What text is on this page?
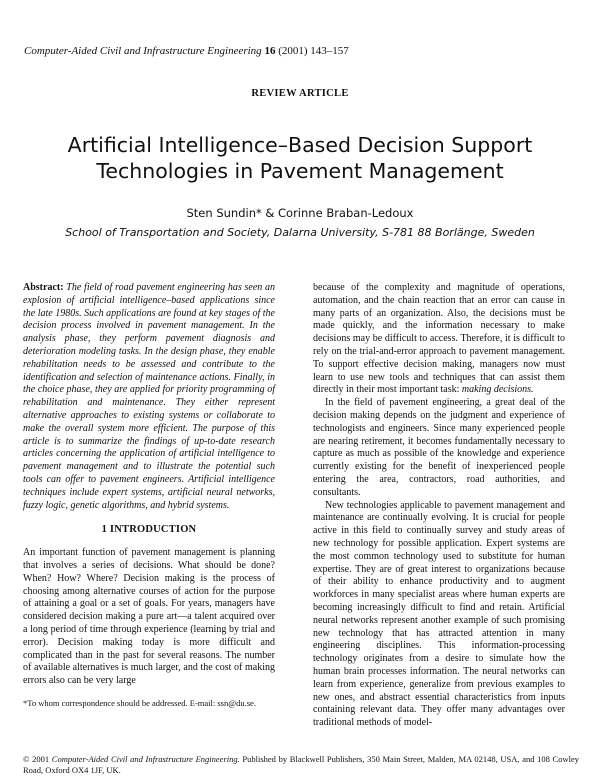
Computer-Aided Civil and Infrastructure Engineering 16 (2001) 143–157
REVIEW ARTICLE
Artificial Intelligence–Based Decision Support
Technologies in Pavement Management
Sten Sundin* & Corinne Braban-Ledoux
School of Transportation and Society, Dalarna University, S-781 88 Borlänge, Sweden

Abstract: The field of road pavement engineering has seen an explosion of artificial intelligence–based applications since the late 1980s. Such applications are found at key stages of the decision process involved in pavement management. In the analysis phase, they perform pavement diagnosis and deterioration modeling tasks. In the design phase, they enable rehabilitation needs to be assessed and contribute to the identification and selection of maintenance actions. Finally, in the choice phase, they are applied for priority programming of rehabilitation and maintenance. They either represent alternative approaches to existing systems or collaborate to make the overall system more efficient. The purpose of this article is to summarize the findings of up-to-date research articles concerning the application of artificial intelligence to pavement management and to illustrate the potential such tools can offer to pavement engineers. Artificial intelligence techniques include expert systems, artificial neural networks, fuzzy logic, genetic algorithms, and hybrid systems.

1 INTRODUCTION

An important function of pavement management is planning that involves a series of decisions. What should be done? When? How? Where? Decision making is the process of choosing among alternative courses of action for the purpose of attaining a goal or a set of goals. For years, managers have considered decision making a pure art—a talent acquired over a long period of time through experience (learning by trial and error). Decision making today is more difficult and complicated than in the past for several reasons. The number of available alternatives is much larger, and the cost of making errors also can be very large

*To whom correspondence should be addressed. E-mail: ssn@du.se.

because of the complexity and magnitude of operations, automation, and the chain reaction that an error can cause in many parts of an organization. Also, the decisions must be made quickly, and the information necessary to make decisions may be difficult to access. Therefore, it is difficult to rely on the trial-and-error approach to pavement management. To support effective decision making, managers now must learn to use new tools and techniques that can assist them directly in their most important task: making decisions.

In the field of pavement engineering, a great deal of the decision making depends on the judgment and experience of technologists and engineers. Since many experienced people are nearing retirement, it becomes fundamentally necessary to capture as much as possible of the knowledge and experience currently existing for the benefit of inexperienced people entering the area, contractors, road authorities, and consultants.

New technologies applicable to pavement management and maintenance are continually evolving. It is crucial for people active in this field to continually survey and study areas of new technology for possible application. Expert systems are the most common technology used to substitute for human expertise. They are of great interest to organizations because of their ability to enhance productivity and to augment workforces in many specialist areas where human experts are becoming increasingly difficult to find and retain. Artificial neural networks represent another example of such promising new technology that has attracted attention in many engineering disciplines. This information-processing technology originates from a desire to simulate how the human brain processes information. The neural networks can learn from experience, generalize from previous examples to new ones, and abstract essential characteristics from inputs containing relevant data. They offer many advantages over traditional methods of model-

© 2001 Computer-Aided Civil and Infrastructure Engineering. Published by Blackwell Publishers, 350 Main Street, Malden, MA 02148, USA, and 108 Cowley Road, Oxford OX4 1JF, UK.
